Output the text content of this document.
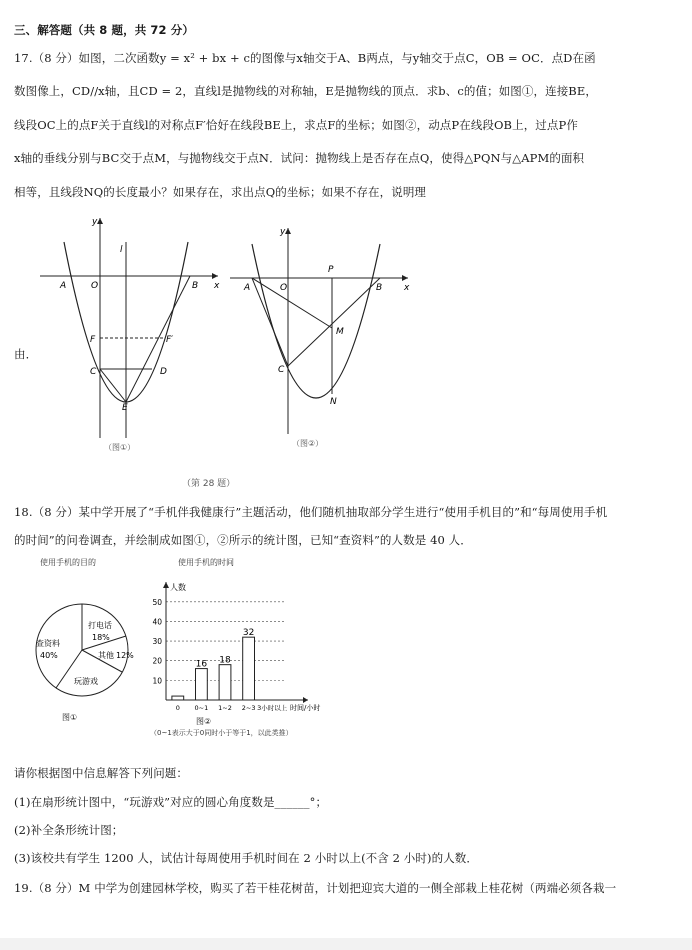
三、解答题（共 8 题，共 72 分）
17.（8 分）如图，二次函数y = x² + bx + c的图像与x轴交于A、B两点，与y轴交于点C，OB = OC．点D在函
数图像上，CD//x轴，且CD = 2，直线l是抛物线的对称轴，E是抛物线的顶点．求b、c的值；如图①，连接BE，
线段OC上的点F关于直线l的对称点F′恰好在线段BE上，求点F的坐标；如图②，动点P在线段OB上，过点P作
x轴的垂线分别与BC交于点M，与抛物线交于点N．试问：抛物线上是否存在点Q，使得△PQN与△APM的面积
相等，且线段NQ的长度最小？如果存在，求出点Q的坐标；如果不存在，说明理
由．
y
x
l
A	O	B
F	F′
C	D
E
（图①）
y
x
A	O
P
B
M
C
N
（图②）
（第 28 题）
18.（8 分）某中学开展了“手机伴我健康行”主题活动，他们随机抽取部分学生进行“使用手机目的”和“每周使用手机
的时间”的问卷调查，并绘制成如图①，②所示的统计图，已知“查资料”的人数是 40 人．
使用手机的目的
查资料
40%
打电话
18%
其他 12%
玩游戏
图①
使用手机的时间
人数
时间/小时
16 18
32
10
20
30
40
50
0 0~1 1~2 2~3 3小时以上
图②
（0~1表示大于0同时小于等于1，以此类推）
请你根据图中信息解答下列问题：
(1)在扇形统计图中，“玩游戏”对应的圆心角度数是______°；
(2)补全条形统计图；
(3)该校共有学生 1200 人，试估计每周使用手机时间在 2 小时以上(不含 2 小时)的人数．
19.（8 分）M 中学为创建园林学校，购买了若干桂花树苗，计划把迎宾大道的一侧全部栽上桂花树（两端必须各栽一
